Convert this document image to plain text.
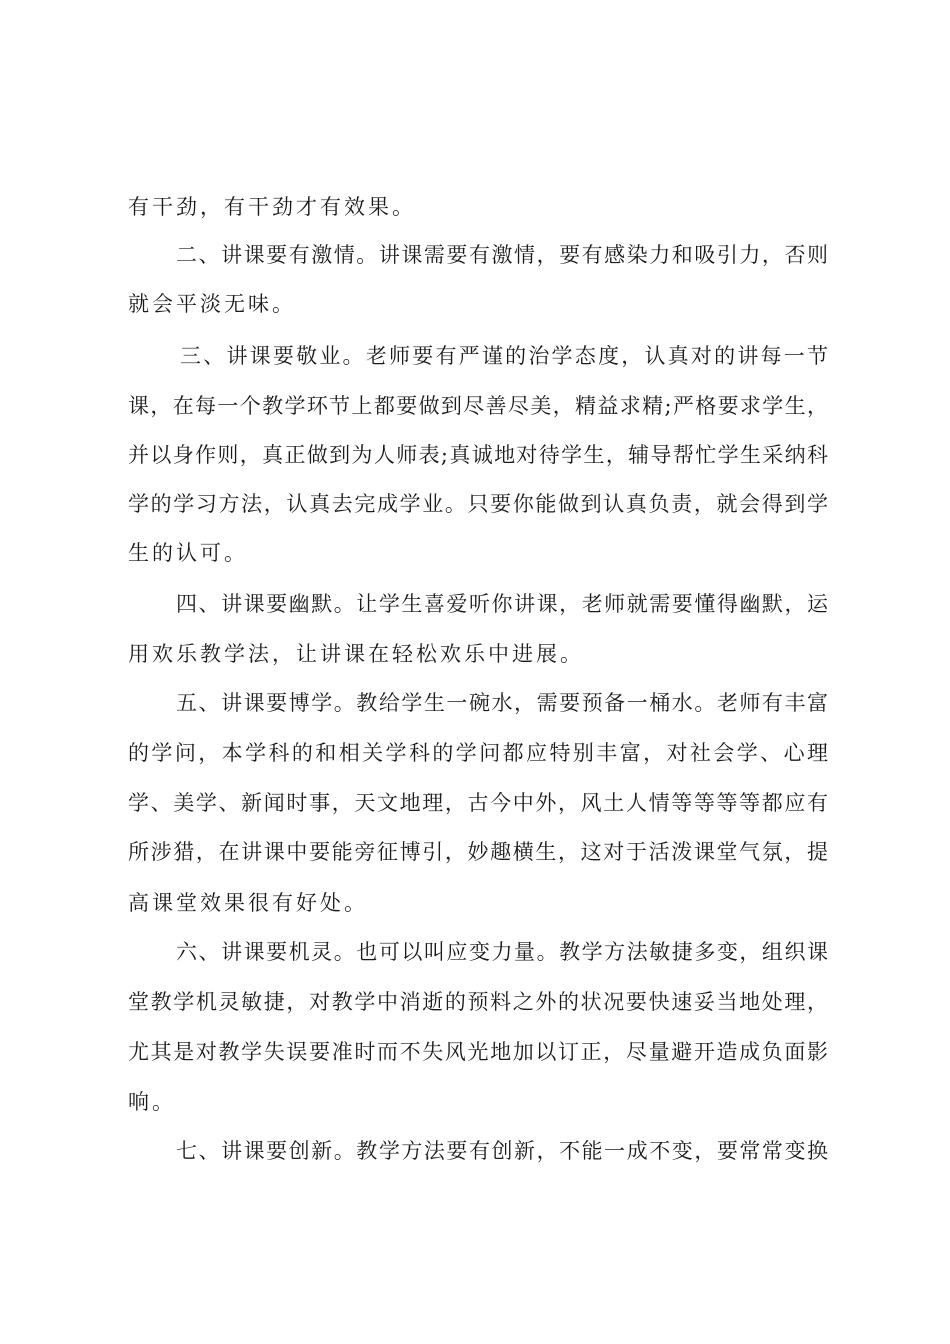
有干劲，有干劲才有效果。
二、讲课要有激情。讲课需要有激情，要有感染力和吸引力，否则
就会平淡无味。
三、讲课要敬业。老师要有严谨的治学态度，认真对的讲每一节
课，在每一个教学环节上都要做到尽善尽美，精益求精;严格要求学生，
并以身作则，真正做到为人师表;真诚地对待学生，辅导帮忙学生采纳科
学的学习方法，认真去完成学业。只要你能做到认真负责，就会得到学
生的认可。
四、讲课要幽默。让学生喜爱听你讲课，老师就需要懂得幽默，运
用欢乐教学法，让讲课在轻松欢乐中进展。
五、讲课要博学。教给学生一碗水，需要预备一桶水。老师有丰富
的学问，本学科的和相关学科的学问都应特别丰富，对社会学、心理
学、美学、新闻时事，天文地理，古今中外，风土人情等等等等都应有
所涉猎，在讲课中要能旁征博引，妙趣横生，这对于活泼课堂气氛，提
高课堂效果很有好处。
六、讲课要机灵。也可以叫应变力量。教学方法敏捷多变，组织课
堂教学机灵敏捷，对教学中消逝的预料之外的状况要快速妥当地处理，
尤其是对教学失误要准时而不失风光地加以订正，尽量避开造成负面影
响。
七、讲课要创新。教学方法要有创新，不能一成不变，要常常变换
